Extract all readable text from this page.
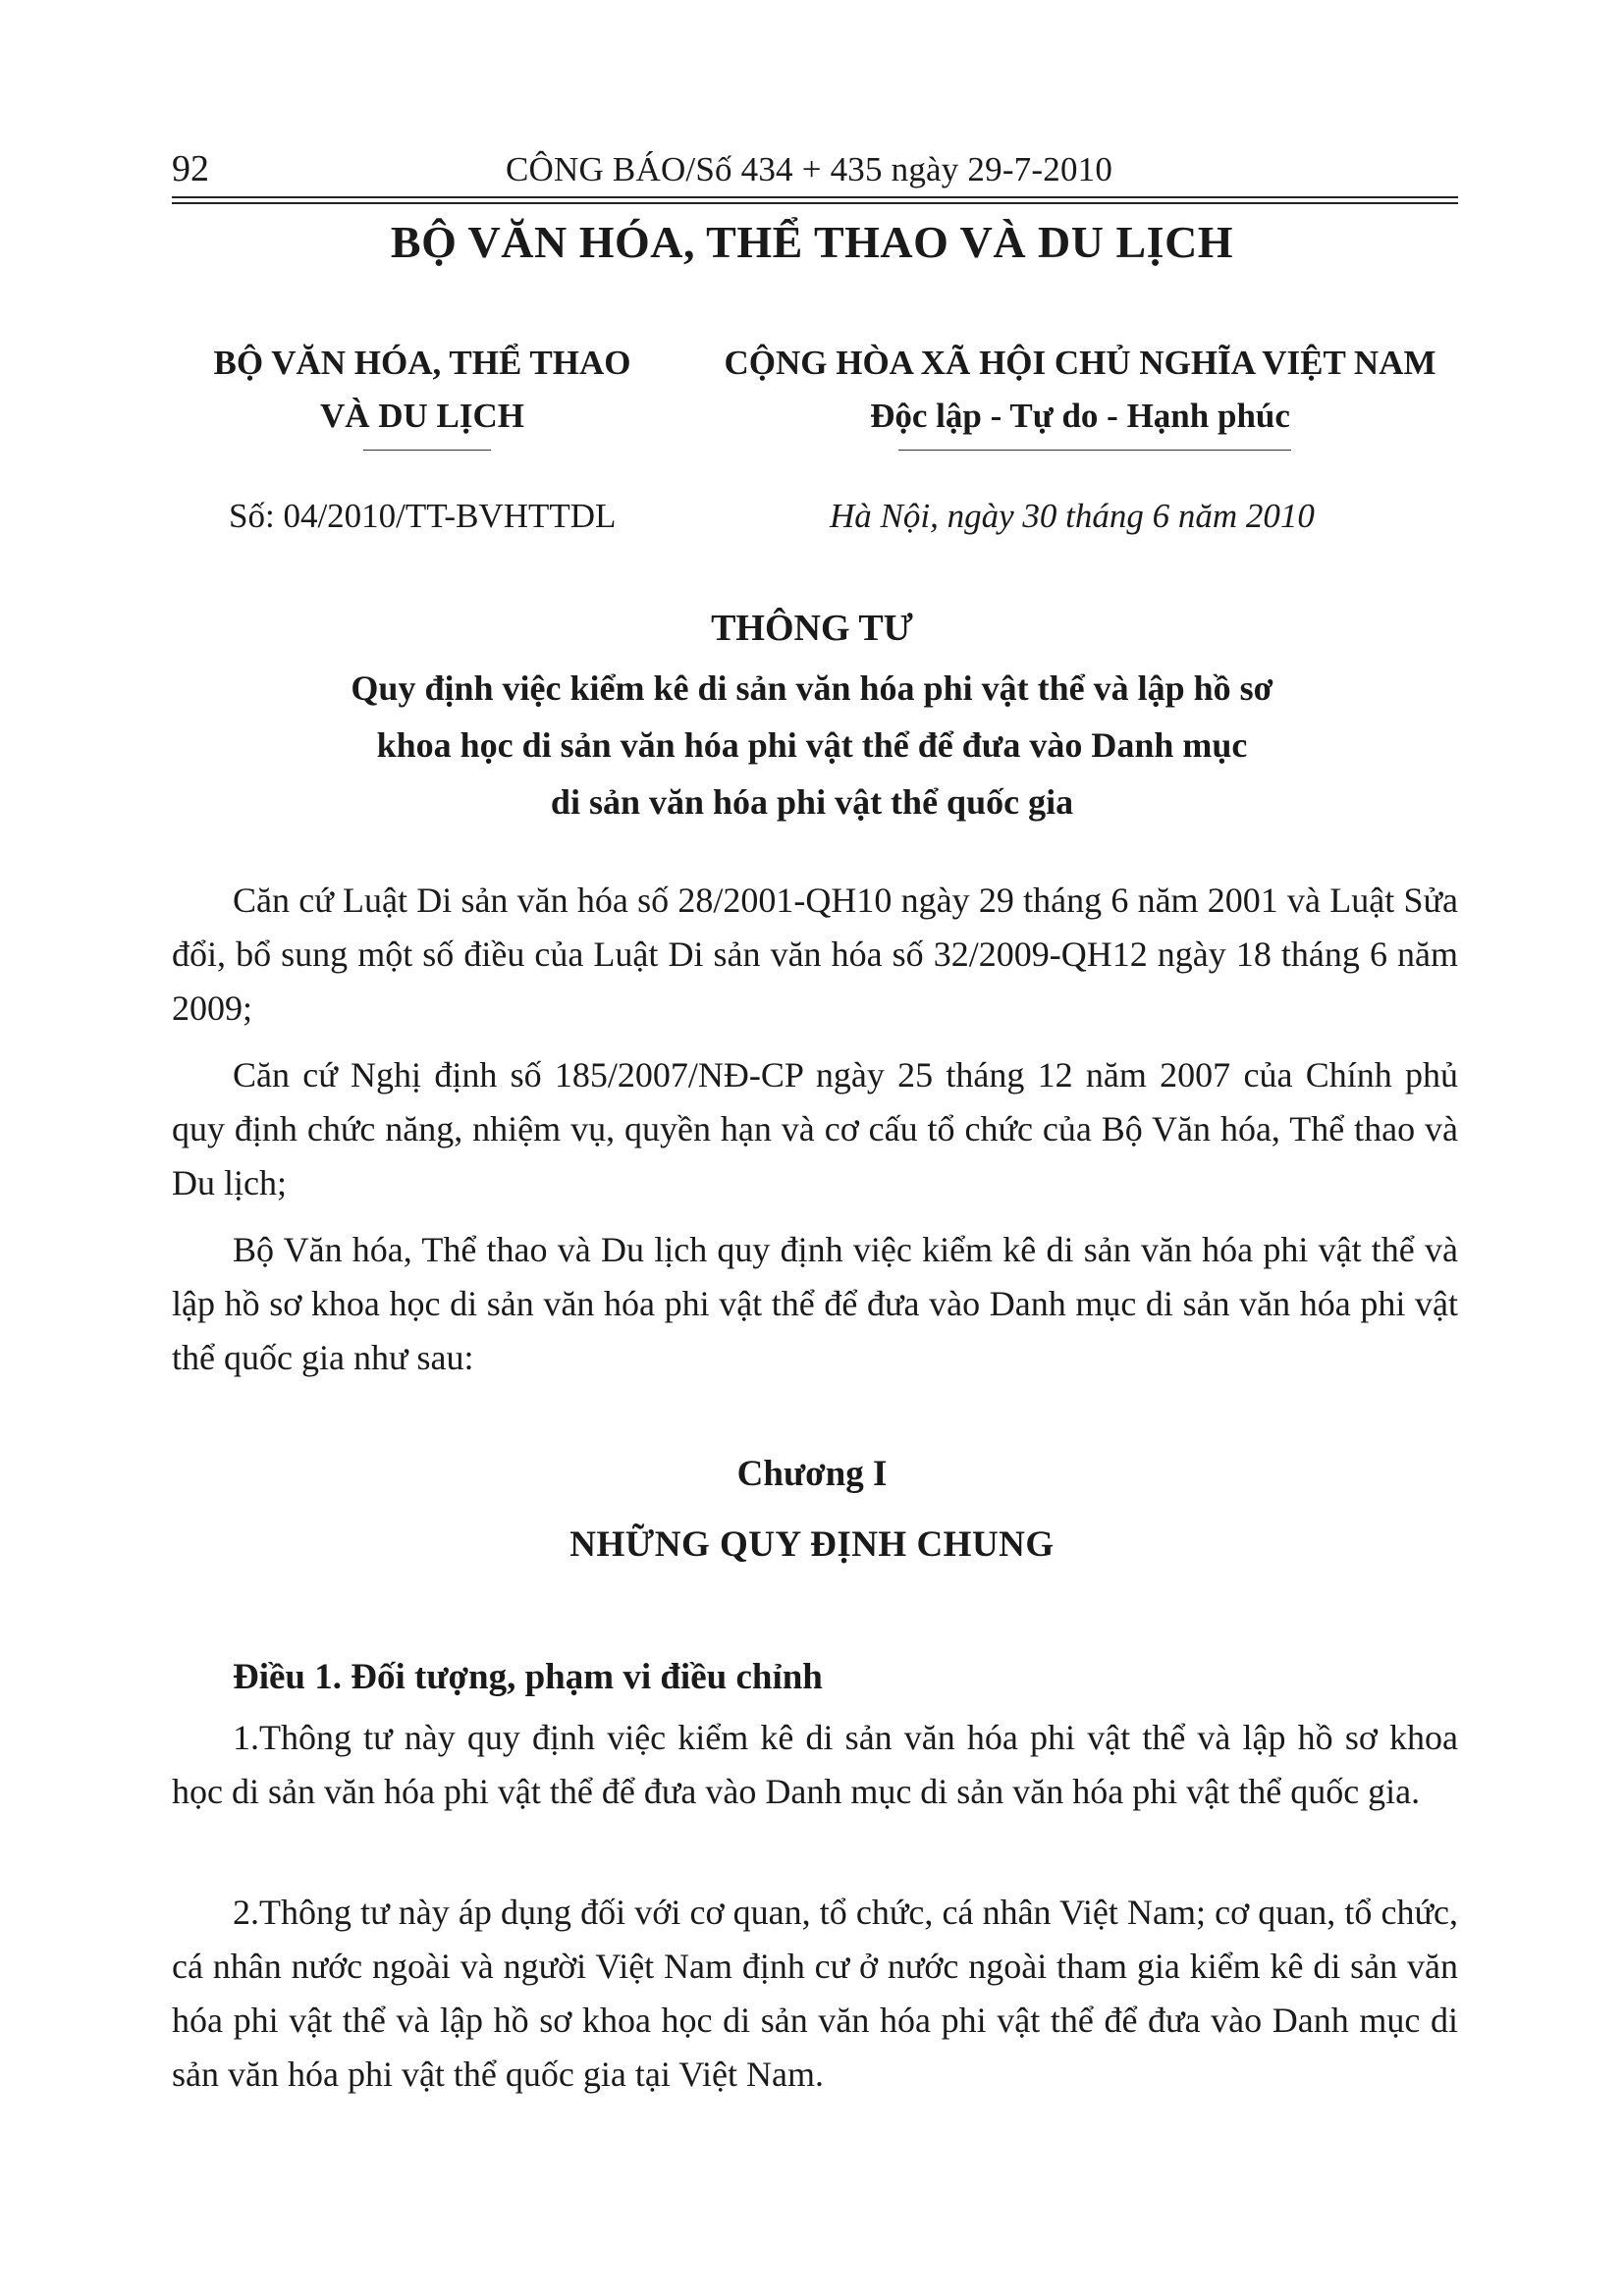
92	CÔNG BÁO/Số 434 + 435 ngày 29-7-2010
BỘ VĂN HÓA, THỂ THAO VÀ DU LỊCH
BỘ VĂN HÓA, THỂ THAO
VÀ DU LỊCH
CỘNG HÒA XÃ HỘI CHỦ NGHĨA VIỆT NAM
Độc lập - Tự do - Hạnh phúc
Số: 04/2010/TT-BVHTTDL	Hà Nội, ngày 30 tháng 6 năm 2010
THÔNG TƯ
Quy định việc kiểm kê di sản văn hóa phi vật thể và lập hồ sơ
khoa học di sản văn hóa phi vật thể để đưa vào Danh mục
di sản văn hóa phi vật thể quốc gia
Căn cứ Luật Di sản văn hóa số 28/2001-QH10 ngày 29 tháng 6 năm 2001 và Luật Sửa đổi, bổ sung một số điều của Luật Di sản văn hóa số 32/2009-QH12 ngày 18 tháng 6 năm 2009;
Căn cứ Nghị định số 185/2007/NĐ-CP ngày 25 tháng 12 năm 2007 của Chính phủ quy định chức năng, nhiệm vụ, quyền hạn và cơ cấu tổ chức của Bộ Văn hóa, Thể thao và Du lịch;
Bộ Văn hóa, Thể thao và Du lịch quy định việc kiểm kê di sản văn hóa phi vật thể và lập hồ sơ khoa học di sản văn hóa phi vật thể để đưa vào Danh mục di sản văn hóa phi vật thể quốc gia như sau:
Chương I
NHỮNG QUY ĐỊNH CHUNG
Điều 1. Đối tượng, phạm vi điều chỉnh
1.Thông tư này quy định việc kiểm kê di sản văn hóa phi vật thể và lập hồ sơ khoa học di sản văn hóa phi vật thể để đưa vào Danh mục di sản văn hóa phi vật thể quốc gia.
2.Thông tư này áp dụng đối với cơ quan, tổ chức, cá nhân Việt Nam; cơ quan, tổ chức, cá nhân nước ngoài và người Việt Nam định cư ở nước ngoài tham gia kiểm kê di sản văn hóa phi vật thể và lập hồ sơ khoa học di sản văn hóa phi vật thể để đưa vào Danh mục di sản văn hóa phi vật thể quốc gia tại Việt Nam.
